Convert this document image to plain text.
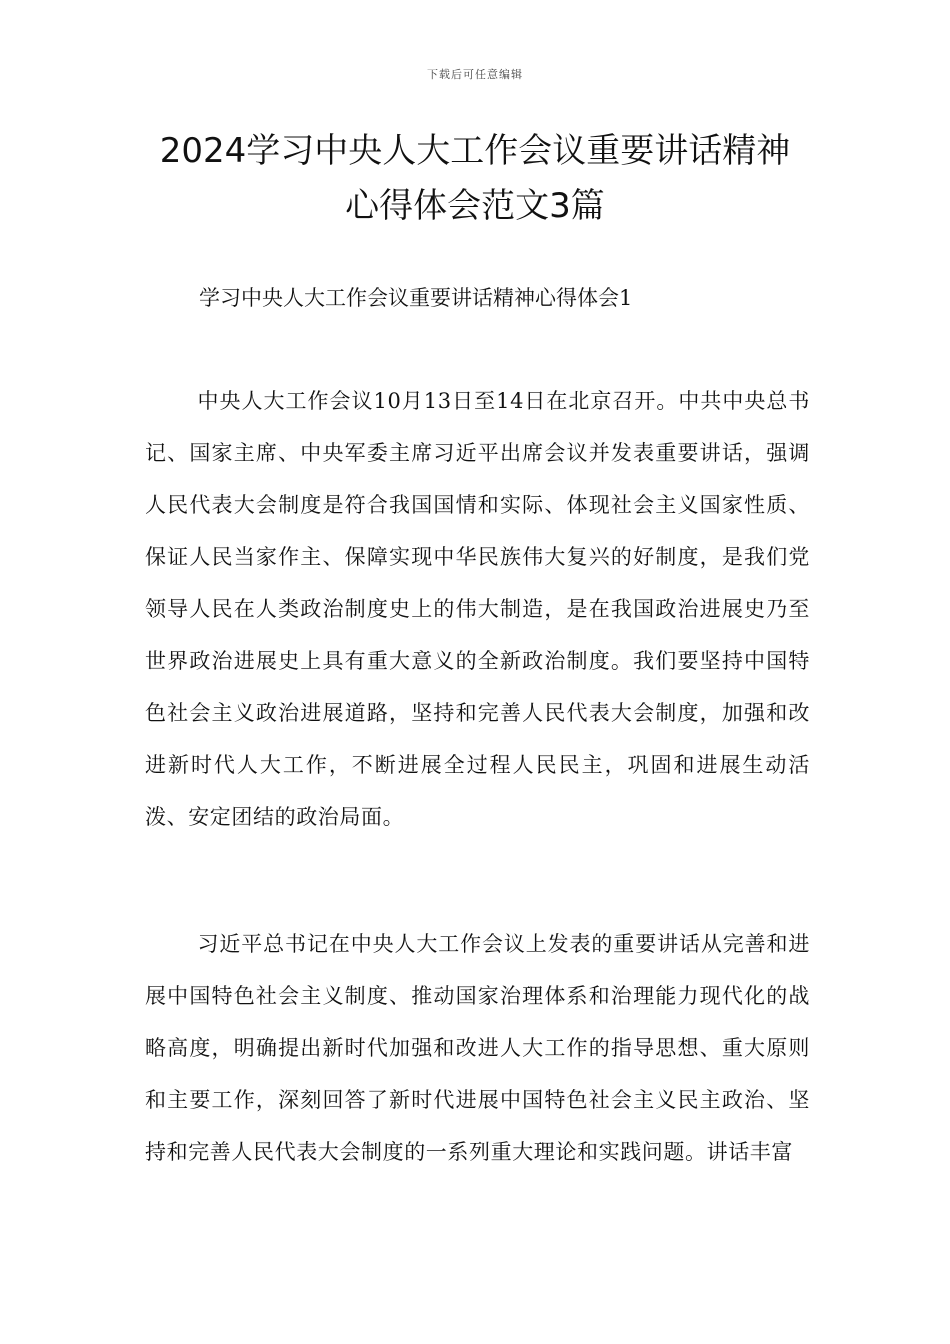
下载后可任意编辑
2024学习中央人大工作会议重要讲话精神
心得体会范文3篇
学习中央人大工作会议重要讲话精神心得体会1

中央人大工作会议10月13日至14日在北京召开。中共中央总书记、国家主席、中央军委主席习近平出席会议并发表重要讲话，强调人民代表大会制度是符合我国国情和实际、体现社会主义国家性质、保证人民当家作主、保障实现中华民族伟大复兴的好制度，是我们党领导人民在人类政治制度史上的伟大制造，是在我国政治进展史乃至世界政治进展史上具有重大意义的全新政治制度。我们要坚持中国特色社会主义政治进展道路，坚持和完善人民代表大会制度，加强和改进新时代人大工作，不断进展全过程人民民主，巩固和进展生动活泼、安定团结的政治局面。

习近平总书记在中央人大工作会议上发表的重要讲话从完善和进展中国特色社会主义制度、推动国家治理体系和治理能力现代化的战略高度，明确提出新时代加强和改进人大工作的指导思想、重大原则和主要工作，深刻回答了新时代进展中国特色社会主义民主政治、坚持和完善人民代表大会制度的一系列重大理论和实践问题。讲话丰富
